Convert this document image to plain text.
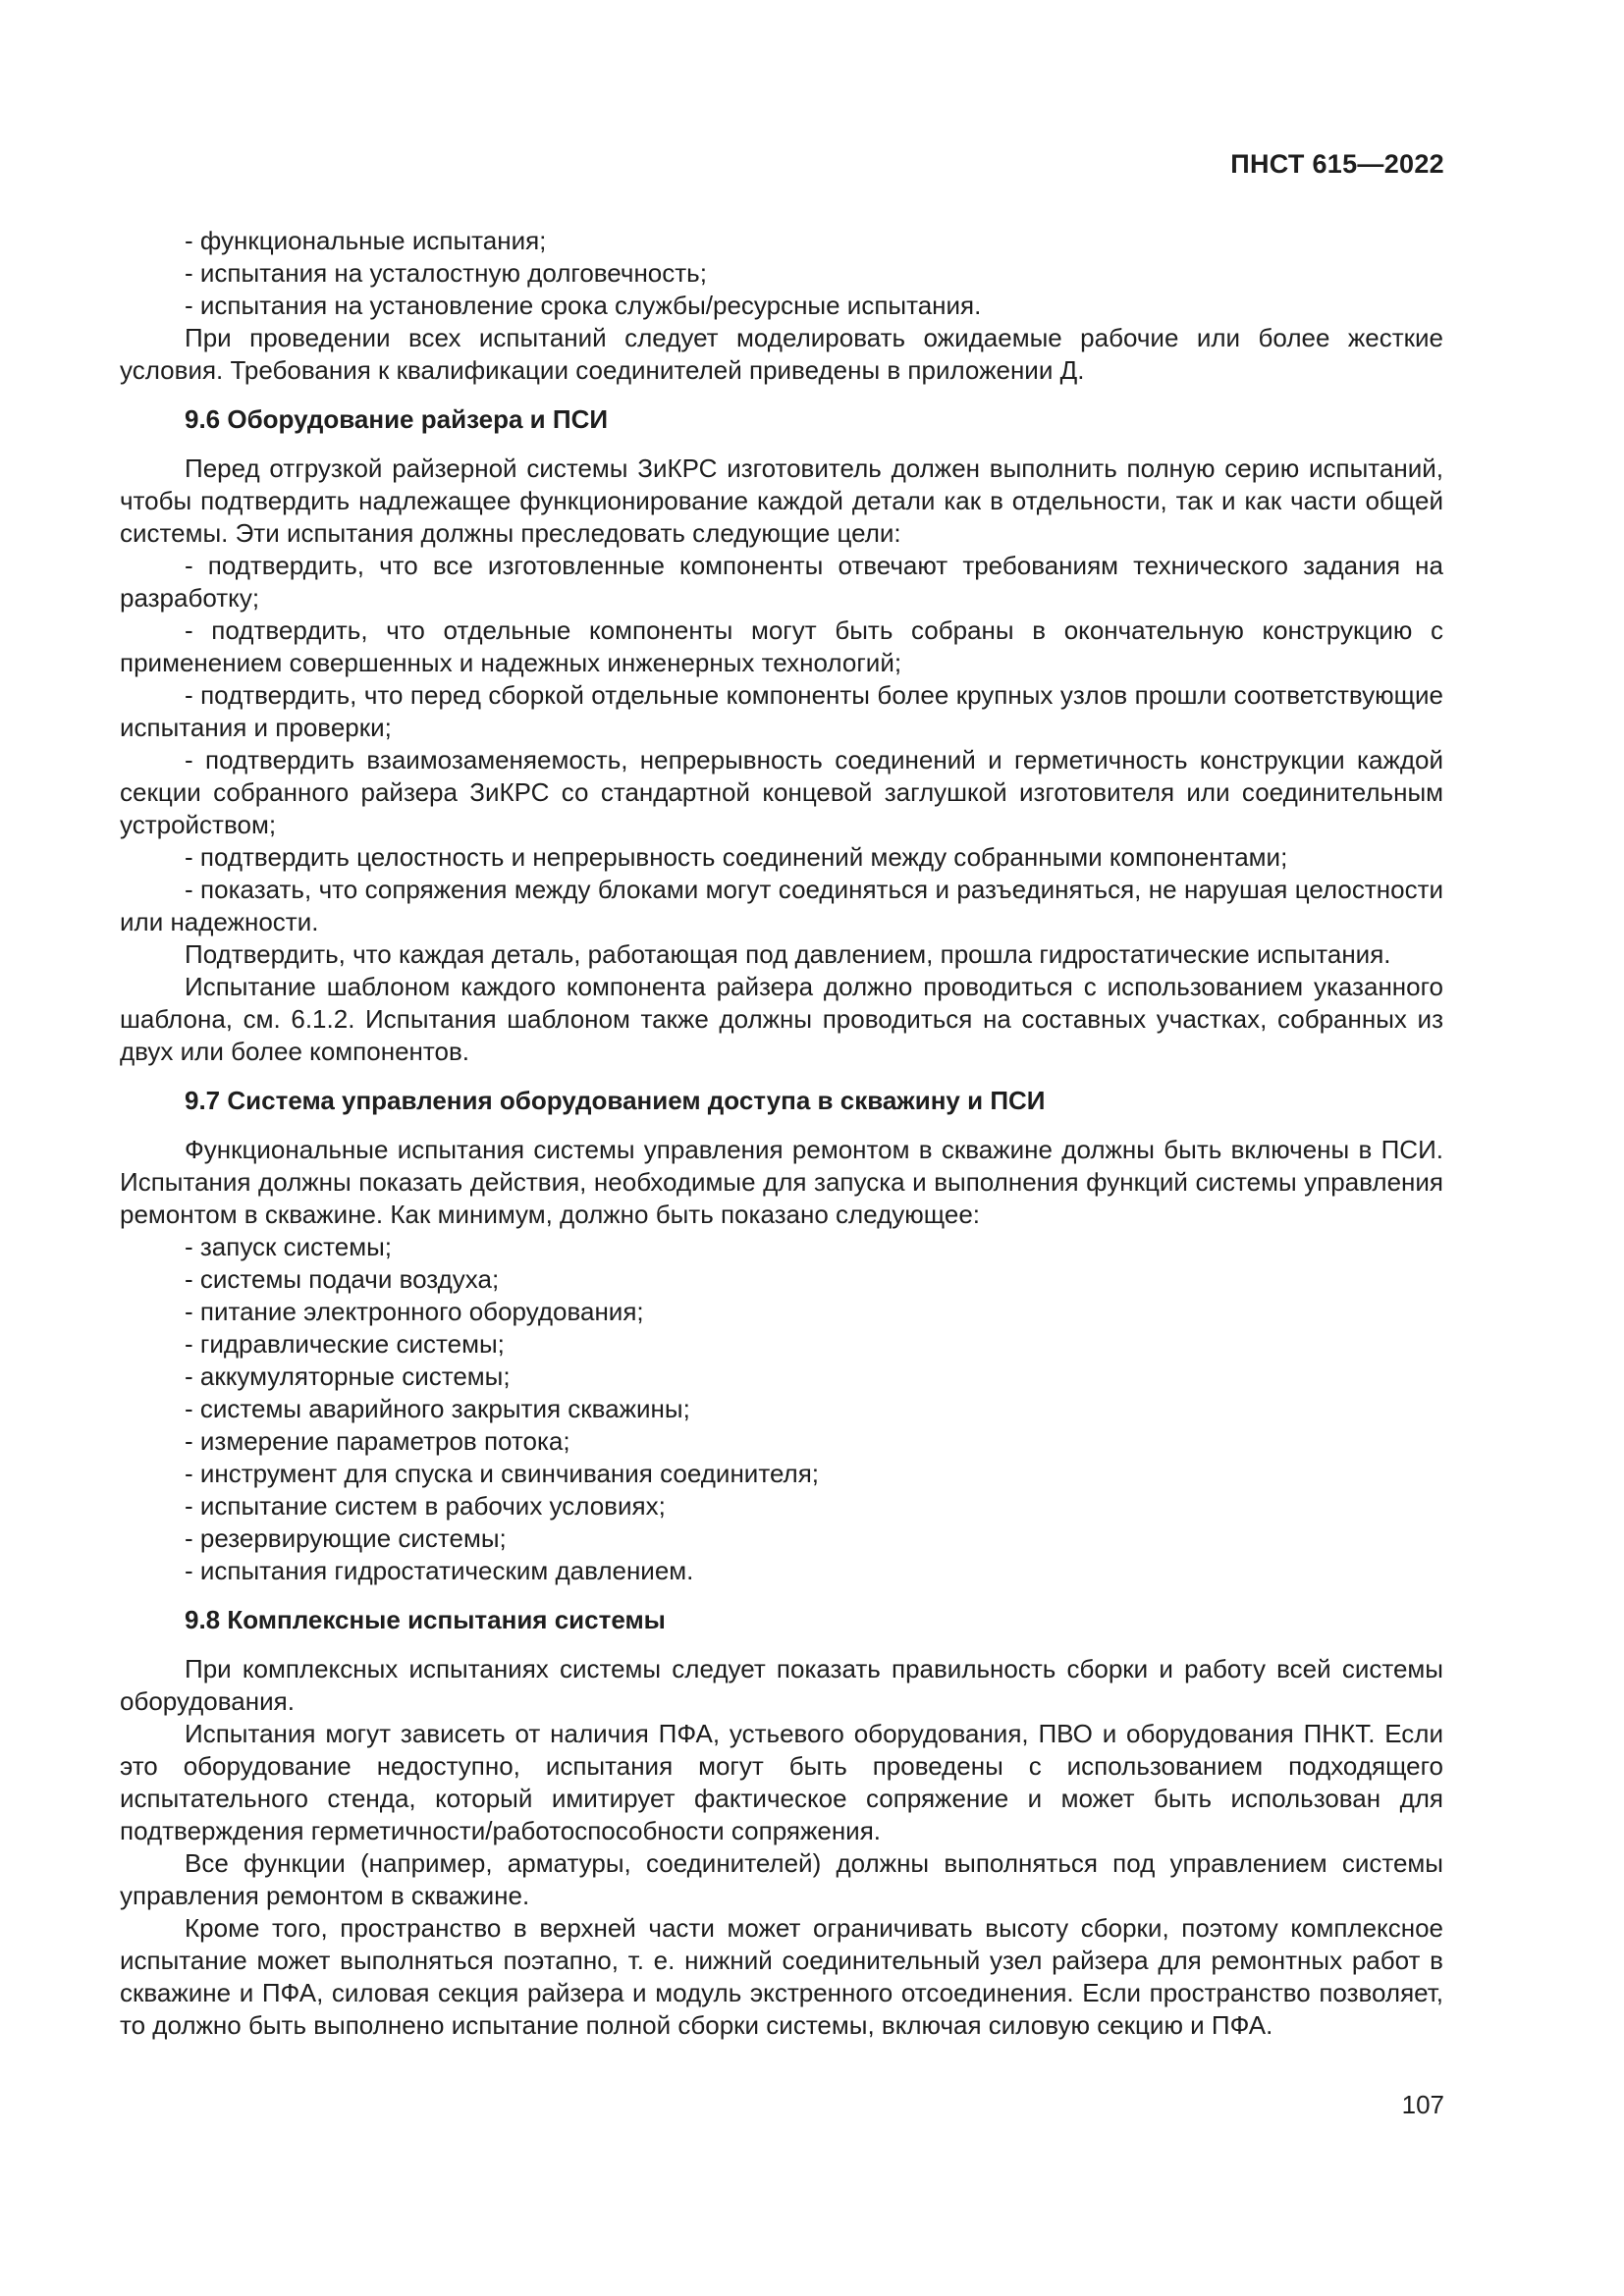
ПНСТ 615—2022

- функциональные испытания;

- испытания на усталостную долговечность;

- испытания на установление срока службы/ресурсные испытания.

При проведении всех испытаний следует моделировать ожидаемые рабочие или более жесткие условия. Требования к квалификации соединителей приведены в приложении Д.

9.6 Оборудование райзера и ПСИ

Перед отгрузкой райзерной системы ЗиКРС изготовитель должен выполнить полную серию испытаний, чтобы подтвердить надлежащее функционирование каждой детали как в отдельности, так и как части общей системы. Эти испытания должны преследовать следующие цели:

- подтвердить, что все изготовленные компоненты отвечают требованиям технического задания на разработку;

- подтвердить, что отдельные компоненты могут быть собраны в окончательную конструкцию с применением совершенных и надежных инженерных технологий;

- подтвердить, что перед сборкой отдельные компоненты более крупных узлов прошли соответствующие испытания и проверки;

- подтвердить взаимозаменяемость, непрерывность соединений и герметичность конструкции каждой секции собранного райзера ЗиКРС со стандартной концевой заглушкой изготовителя или соединительным устройством;

- подтвердить целостность и непрерывность соединений между собранными компонентами;

- показать, что сопряжения между блоками могут соединяться и разъединяться, не нарушая целостности или надежности.

Подтвердить, что каждая деталь, работающая под давлением, прошла гидростатические испытания.

Испытание шаблоном каждого компонента райзера должно проводиться с использованием указанного шаблона, см. 6.1.2. Испытания шаблоном также должны проводиться на составных участках, собранных из двух или более компонентов.

9.7 Система управления оборудованием доступа в скважину и ПСИ

Функциональные испытания системы управления ремонтом в скважине должны быть включены в ПСИ. Испытания должны показать действия, необходимые для запуска и выполнения функций системы управления ремонтом в скважине. Как минимум, должно быть показано следующее:

- запуск системы;

- системы подачи воздуха;

- питание электронного оборудования;

- гидравлические системы;

- аккумуляторные системы;

- системы аварийного закрытия скважины;

- измерение параметров потока;

- инструмент для спуска и свинчивания соединителя;

- испытание систем в рабочих условиях;

- резервирующие системы;

- испытания гидростатическим давлением.

9.8 Комплексные испытания системы

При комплексных испытаниях системы следует показать правильность сборки и работу всей системы оборудования.

Испытания могут зависеть от наличия ПФА, устьевого оборудования, ПВО и оборудования ПНКТ. Если это оборудование недоступно, испытания могут быть проведены с использованием подходящего испытательного стенда, который имитирует фактическое сопряжение и может быть использован для подтверждения герметичности/работоспособности сопряжения.

Все функции (например, арматуры, соединителей) должны выполняться под управлением системы управления ремонтом в скважине.

Кроме того, пространство в верхней части может ограничивать высоту сборки, поэтому комплексное испытание может выполняться поэтапно, т. е. нижний соединительный узел райзера для ремонтных работ в скважине и ПФА, силовая секция райзера и модуль экстренного отсоединения. Если пространство позволяет, то должно быть выполнено испытание полной сборки системы, включая силовую секцию и ПФА.

107
